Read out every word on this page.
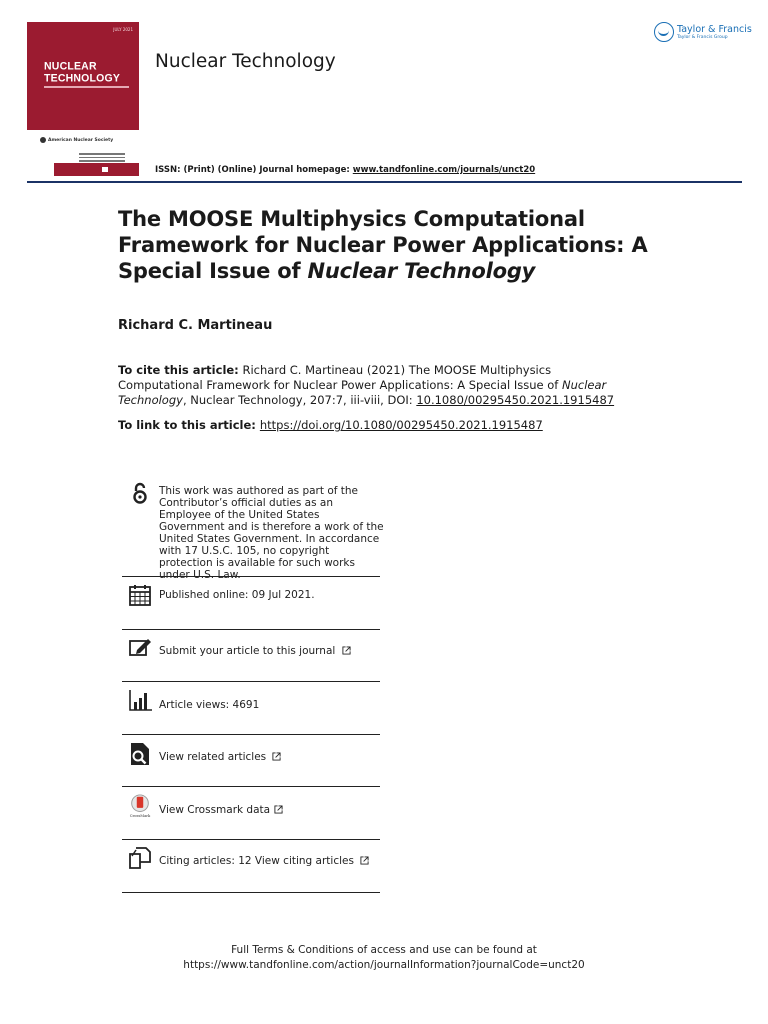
JULY 2021
NUCLEAR
TECHNOLOGY
American Nuclear Society
Nuclear Technology
Taylor & Francis
Taylor & Francis Group
ISSN: (Print) (Online) Journal homepage: www.tandfonline.com/journals/unct20
The MOOSE Multiphysics Computational Framework for Nuclear Power Applications: A Special Issue of Nuclear Technology
Richard C. Martineau
To cite this article: Richard C. Martineau (2021) The MOOSE Multiphysics Computational Framework for Nuclear Power Applications: A Special Issue of Nuclear Technology, Nuclear Technology, 207:7, iii-viii, DOI: 10.1080/00295450.2021.1915487
To link to this article: https://doi.org/10.1080/00295450.2021.1915487
This work was authored as part of the Contributor’s official duties as an Employee of the United States Government and is therefore a work of the United States Government. In accordance with 17 U.S.C. 105, no copyright protection is available for such works under U.S. Law.
Published online: 09 Jul 2021.
Submit your article to this journal
Article views: 4691
View related articles
CrossMark
View Crossmark data
Citing articles: 12 View citing articles
Full Terms & Conditions of access and use can be found at
https://www.tandfonline.com/action/journalInformation?journalCode=unct20
